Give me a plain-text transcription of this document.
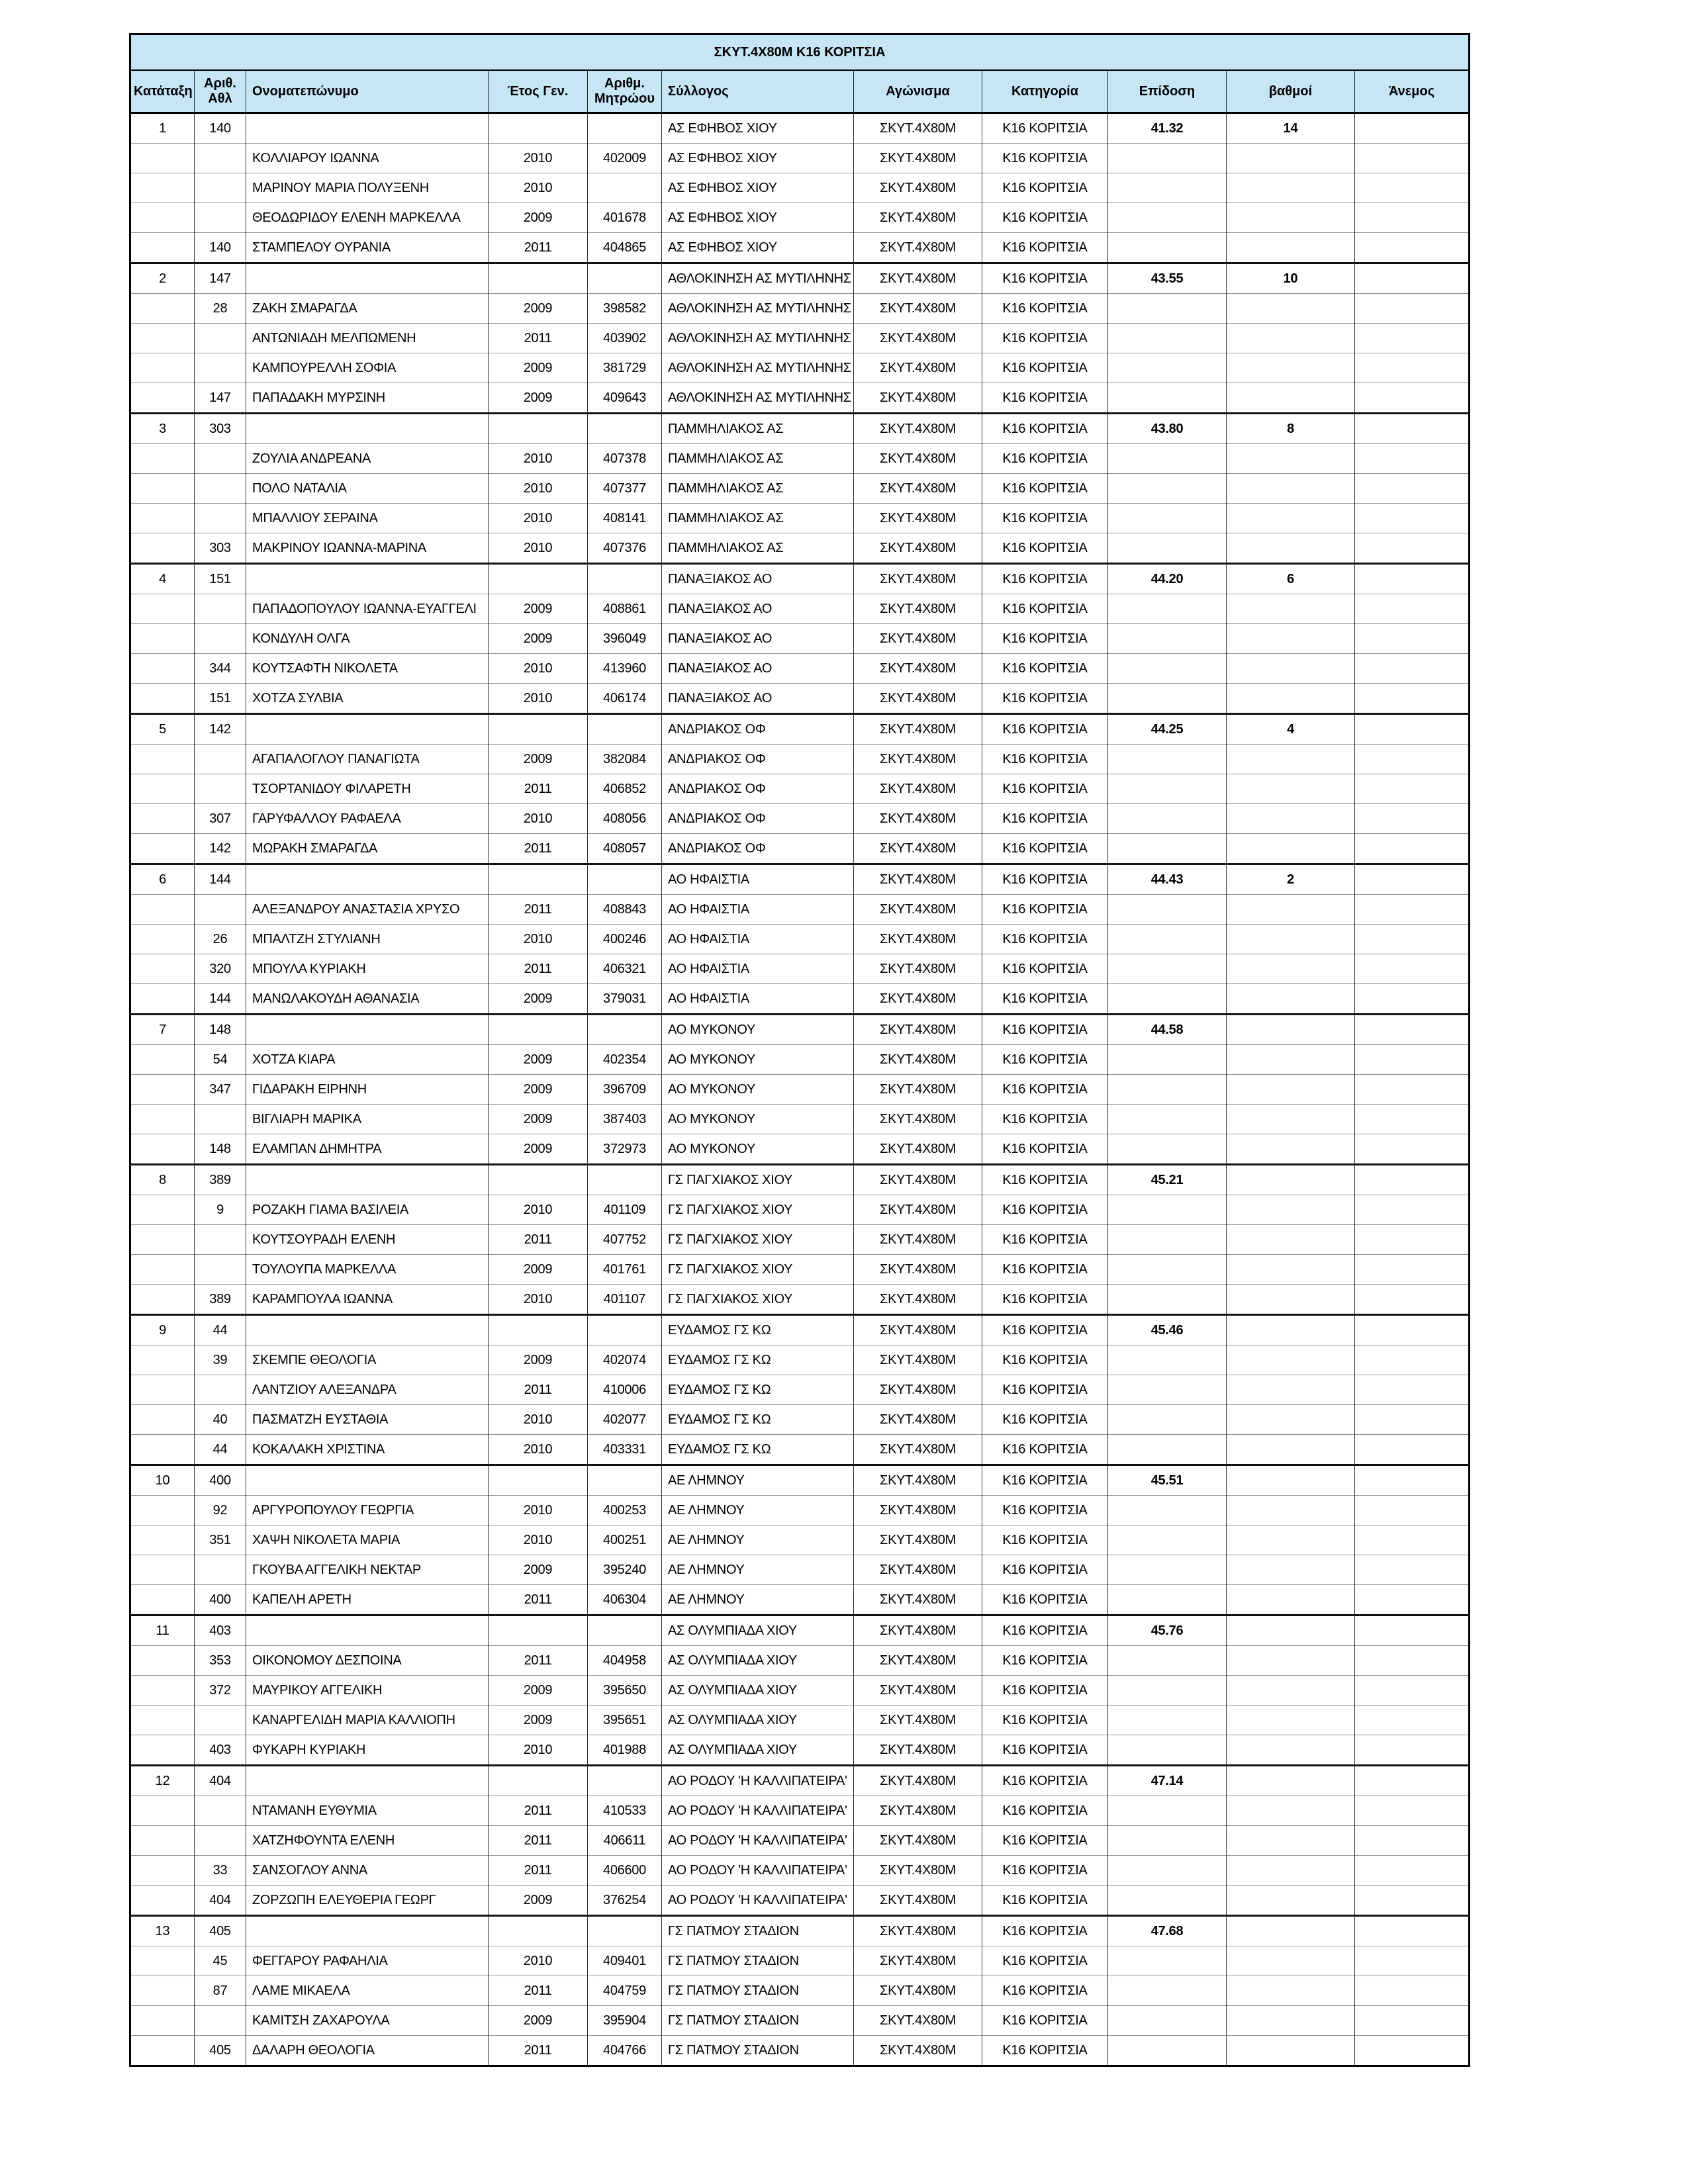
ΣΚΥΤ.4Χ80Μ Κ16 ΚΟΡΙΤΣΙΑ										
Κατάταξη	Αριθ. Αθλ	Ονοματεπώνυμο	Έτος Γεν.	Αριθμ. Μητρώου	Σύλλογος	Αγώνισμα	Κατηγορία	Επίδοση	βαθμοί	Άνεμος
1	140				ΑΣ ΕΦΗΒΟΣ ΧΙΟΥ	ΣΚΥΤ.4Χ80Μ	Κ16 ΚΟΡΙΤΣΙΑ	41.32	14	
		ΚΟΛΛΙΑΡΟΥ ΙΩΑΝΝΑ	2010	402009	ΑΣ ΕΦΗΒΟΣ ΧΙΟΥ	ΣΚΥΤ.4Χ80Μ	Κ16 ΚΟΡΙΤΣΙΑ			
		ΜΑΡΙΝΟΥ ΜΑΡΙΑ ΠΟΛΥΞΕΝΗ	2010		ΑΣ ΕΦΗΒΟΣ ΧΙΟΥ	ΣΚΥΤ.4Χ80Μ	Κ16 ΚΟΡΙΤΣΙΑ			
		ΘΕΟΔΩΡΙΔΟΥ ΕΛΕΝΗ ΜΑΡΚΕΛΛΑ	2009	401678	ΑΣ ΕΦΗΒΟΣ ΧΙΟΥ	ΣΚΥΤ.4Χ80Μ	Κ16 ΚΟΡΙΤΣΙΑ			
	140	ΣΤΑΜΠΕΛΟΥ ΟΥΡΑΝΙΑ	2011	404865	ΑΣ ΕΦΗΒΟΣ ΧΙΟΥ	ΣΚΥΤ.4Χ80Μ	Κ16 ΚΟΡΙΤΣΙΑ			
2	147				ΑΘΛΟΚΙΝΗΣΗ ΑΣ ΜΥΤΙΛΗΝΗΣ	ΣΚΥΤ.4Χ80Μ	Κ16 ΚΟΡΙΤΣΙΑ	43.55	10	
	28	ΖΑΚΗ ΣΜΑΡΑΓΔΑ	2009	398582	ΑΘΛΟΚΙΝΗΣΗ ΑΣ ΜΥΤΙΛΗΝΗΣ	ΣΚΥΤ.4Χ80Μ	Κ16 ΚΟΡΙΤΣΙΑ			
		ΑΝΤΩΝΙΑΔΗ ΜΕΛΠΩΜΕΝΗ	2011	403902	ΑΘΛΟΚΙΝΗΣΗ ΑΣ ΜΥΤΙΛΗΝΗΣ	ΣΚΥΤ.4Χ80Μ	Κ16 ΚΟΡΙΤΣΙΑ			
		ΚΑΜΠΟΥΡΕΛΛΗ ΣΟΦΙΑ	2009	381729	ΑΘΛΟΚΙΝΗΣΗ ΑΣ ΜΥΤΙΛΗΝΗΣ	ΣΚΥΤ.4Χ80Μ	Κ16 ΚΟΡΙΤΣΙΑ			
	147	ΠΑΠΑΔΑΚΗ ΜΥΡΣΙΝΗ	2009	409643	ΑΘΛΟΚΙΝΗΣΗ ΑΣ ΜΥΤΙΛΗΝΗΣ	ΣΚΥΤ.4Χ80Μ	Κ16 ΚΟΡΙΤΣΙΑ			
3	303				ΠΑΜΜΗΛΙΑΚΟΣ ΑΣ	ΣΚΥΤ.4Χ80Μ	Κ16 ΚΟΡΙΤΣΙΑ	43.80	8	
		ΖΟΥΛΙΑ ΑΝΔΡΕΑΝΑ	2010	407378	ΠΑΜΜΗΛΙΑΚΟΣ ΑΣ	ΣΚΥΤ.4Χ80Μ	Κ16 ΚΟΡΙΤΣΙΑ			
		ΠΟΛΟ ΝΑΤΑΛΙΑ	2010	407377	ΠΑΜΜΗΛΙΑΚΟΣ ΑΣ	ΣΚΥΤ.4Χ80Μ	Κ16 ΚΟΡΙΤΣΙΑ			
		ΜΠΑΛΛΙΟΥ ΣΕΡΑΙΝΑ	2010	408141	ΠΑΜΜΗΛΙΑΚΟΣ ΑΣ	ΣΚΥΤ.4Χ80Μ	Κ16 ΚΟΡΙΤΣΙΑ			
	303	ΜΑΚΡΙΝΟΥ ΙΩΑΝΝΑ-ΜΑΡΙΝΑ	2010	407376	ΠΑΜΜΗΛΙΑΚΟΣ ΑΣ	ΣΚΥΤ.4Χ80Μ	Κ16 ΚΟΡΙΤΣΙΑ			
4	151				ΠΑΝΑΞΙΑΚΟΣ ΑΟ	ΣΚΥΤ.4Χ80Μ	Κ16 ΚΟΡΙΤΣΙΑ	44.20	6	
		ΠΑΠΑΔΟΠΟΥΛΟΥ ΙΩΑΝΝΑ-ΕΥΑΓΓΕΛΙ	2009	408861	ΠΑΝΑΞΙΑΚΟΣ ΑΟ	ΣΚΥΤ.4Χ80Μ	Κ16 ΚΟΡΙΤΣΙΑ			
		ΚΟΝΔΥΛΗ ΟΛΓΑ	2009	396049	ΠΑΝΑΞΙΑΚΟΣ ΑΟ	ΣΚΥΤ.4Χ80Μ	Κ16 ΚΟΡΙΤΣΙΑ			
	344	ΚΟΥΤΣΑΦΤΗ ΝΙΚΟΛΕΤΑ	2010	413960	ΠΑΝΑΞΙΑΚΟΣ ΑΟ	ΣΚΥΤ.4Χ80Μ	Κ16 ΚΟΡΙΤΣΙΑ			
	151	ΧΟΤΖΑ ΣΥΛΒΙΑ	2010	406174	ΠΑΝΑΞΙΑΚΟΣ ΑΟ	ΣΚΥΤ.4Χ80Μ	Κ16 ΚΟΡΙΤΣΙΑ			
5	142				ΑΝΔΡΙΑΚΟΣ ΟΦ	ΣΚΥΤ.4Χ80Μ	Κ16 ΚΟΡΙΤΣΙΑ	44.25	4	
		ΑΓΑΠΑΛΟΓΛΟΥ ΠΑΝΑΓΙΩΤΑ	2009	382084	ΑΝΔΡΙΑΚΟΣ ΟΦ	ΣΚΥΤ.4Χ80Μ	Κ16 ΚΟΡΙΤΣΙΑ			
		ΤΣΟΡΤΑΝΙΔΟΥ ΦΙΛΑΡΕΤΗ	2011	406852	ΑΝΔΡΙΑΚΟΣ ΟΦ	ΣΚΥΤ.4Χ80Μ	Κ16 ΚΟΡΙΤΣΙΑ			
	307	ΓΑΡΥΦΑΛΛΟΥ ΡΑΦΑΕΛΑ	2010	408056	ΑΝΔΡΙΑΚΟΣ ΟΦ	ΣΚΥΤ.4Χ80Μ	Κ16 ΚΟΡΙΤΣΙΑ			
	142	ΜΩΡΑΚΗ ΣΜΑΡΑΓΔΑ	2011	408057	ΑΝΔΡΙΑΚΟΣ ΟΦ	ΣΚΥΤ.4Χ80Μ	Κ16 ΚΟΡΙΤΣΙΑ			
6	144				ΑΟ ΗΦΑΙΣΤΙΑ	ΣΚΥΤ.4Χ80Μ	Κ16 ΚΟΡΙΤΣΙΑ	44.43	2	
		ΑΛΕΞΑΝΔΡΟΥ ΑΝΑΣΤΑΣΙΑ ΧΡΥΣΟ	2011	408843	ΑΟ ΗΦΑΙΣΤΙΑ	ΣΚΥΤ.4Χ80Μ	Κ16 ΚΟΡΙΤΣΙΑ			
	26	ΜΠΑΛΤΖΗ ΣΤΥΛΙΑΝΗ	2010	400246	ΑΟ ΗΦΑΙΣΤΙΑ	ΣΚΥΤ.4Χ80Μ	Κ16 ΚΟΡΙΤΣΙΑ			
	320	ΜΠΟΥΛΑ ΚΥΡΙΑΚΗ	2011	406321	ΑΟ ΗΦΑΙΣΤΙΑ	ΣΚΥΤ.4Χ80Μ	Κ16 ΚΟΡΙΤΣΙΑ			
	144	ΜΑΝΩΛΑΚΟΥΔΗ ΑΘΑΝΑΣΙΑ	2009	379031	ΑΟ ΗΦΑΙΣΤΙΑ	ΣΚΥΤ.4Χ80Μ	Κ16 ΚΟΡΙΤΣΙΑ			
7	148				ΑΟ ΜΥΚΟΝΟΥ	ΣΚΥΤ.4Χ80Μ	Κ16 ΚΟΡΙΤΣΙΑ	44.58		
	54	ΧΟΤΖΑ ΚΙΑΡΑ	2009	402354	ΑΟ ΜΥΚΟΝΟΥ	ΣΚΥΤ.4Χ80Μ	Κ16 ΚΟΡΙΤΣΙΑ			
	347	ΓΙΔΑΡΑΚΗ ΕΙΡΗΝΗ	2009	396709	ΑΟ ΜΥΚΟΝΟΥ	ΣΚΥΤ.4Χ80Μ	Κ16 ΚΟΡΙΤΣΙΑ			
		ΒΙΓΛΙΑΡΗ ΜΑΡΙΚΑ	2009	387403	ΑΟ ΜΥΚΟΝΟΥ	ΣΚΥΤ.4Χ80Μ	Κ16 ΚΟΡΙΤΣΙΑ			
	148	ΕΛΑΜΠΑΝ ΔΗΜΗΤΡΑ	2009	372973	ΑΟ ΜΥΚΟΝΟΥ	ΣΚΥΤ.4Χ80Μ	Κ16 ΚΟΡΙΤΣΙΑ			
8	389				ΓΣ ΠΑΓΧΙΑΚΟΣ ΧΙΟΥ	ΣΚΥΤ.4Χ80Μ	Κ16 ΚΟΡΙΤΣΙΑ	45.21		
	9	ΡΟΖΑΚΗ ΓΙΑΜΑ ΒΑΣΙΛΕΙΑ	2010	401109	ΓΣ ΠΑΓΧΙΑΚΟΣ ΧΙΟΥ	ΣΚΥΤ.4Χ80Μ	Κ16 ΚΟΡΙΤΣΙΑ			
		ΚΟΥΤΣΟΥΡΑΔΗ ΕΛΕΝΗ	2011	407752	ΓΣ ΠΑΓΧΙΑΚΟΣ ΧΙΟΥ	ΣΚΥΤ.4Χ80Μ	Κ16 ΚΟΡΙΤΣΙΑ			
		ΤΟΥΛΟΥΠΑ ΜΑΡΚΕΛΛΑ	2009	401761	ΓΣ ΠΑΓΧΙΑΚΟΣ ΧΙΟΥ	ΣΚΥΤ.4Χ80Μ	Κ16 ΚΟΡΙΤΣΙΑ			
	389	ΚΑΡΑΜΠΟΥΛΑ ΙΩΑΝΝΑ	2010	401107	ΓΣ ΠΑΓΧΙΑΚΟΣ ΧΙΟΥ	ΣΚΥΤ.4Χ80Μ	Κ16 ΚΟΡΙΤΣΙΑ			
9	44				ΕΥΔΑΜΟΣ ΓΣ ΚΩ	ΣΚΥΤ.4Χ80Μ	Κ16 ΚΟΡΙΤΣΙΑ	45.46		
	39	ΣΚΕΜΠΕ ΘΕΟΛΟΓΙΑ	2009	402074	ΕΥΔΑΜΟΣ ΓΣ ΚΩ	ΣΚΥΤ.4Χ80Μ	Κ16 ΚΟΡΙΤΣΙΑ			
		ΛΑΝΤΖΙΟΥ ΑΛΕΞΑΝΔΡΑ	2011	410006	ΕΥΔΑΜΟΣ ΓΣ ΚΩ	ΣΚΥΤ.4Χ80Μ	Κ16 ΚΟΡΙΤΣΙΑ			
	40	ΠΑΣΜΑΤΖΗ ΕΥΣΤΑΘΙΑ	2010	402077	ΕΥΔΑΜΟΣ ΓΣ ΚΩ	ΣΚΥΤ.4Χ80Μ	Κ16 ΚΟΡΙΤΣΙΑ			
	44	ΚΟΚΑΛΑΚΗ ΧΡΙΣΤΙΝΑ	2010	403331	ΕΥΔΑΜΟΣ ΓΣ ΚΩ	ΣΚΥΤ.4Χ80Μ	Κ16 ΚΟΡΙΤΣΙΑ			
10	400				ΑΕ ΛΗΜΝΟΥ	ΣΚΥΤ.4Χ80Μ	Κ16 ΚΟΡΙΤΣΙΑ	45.51		
	92	ΑΡΓΥΡΟΠΟΥΛΟΥ ΓΕΩΡΓΙΑ	2010	400253	ΑΕ ΛΗΜΝΟΥ	ΣΚΥΤ.4Χ80Μ	Κ16 ΚΟΡΙΤΣΙΑ			
	351	ΧΑΨΗ ΝΙΚΟΛΕΤΑ ΜΑΡΙΑ	2010	400251	ΑΕ ΛΗΜΝΟΥ	ΣΚΥΤ.4Χ80Μ	Κ16 ΚΟΡΙΤΣΙΑ			
		ΓΚΟΥΒΑ ΑΓΓΕΛΙΚΗ ΝΕΚΤΑΡ	2009	395240	ΑΕ ΛΗΜΝΟΥ	ΣΚΥΤ.4Χ80Μ	Κ16 ΚΟΡΙΤΣΙΑ			
	400	ΚΑΠΕΛΗ ΑΡΕΤΗ	2011	406304	ΑΕ ΛΗΜΝΟΥ	ΣΚΥΤ.4Χ80Μ	Κ16 ΚΟΡΙΤΣΙΑ			
11	403				ΑΣ ΟΛΥΜΠΙΑΔΑ ΧΙΟΥ	ΣΚΥΤ.4Χ80Μ	Κ16 ΚΟΡΙΤΣΙΑ	45.76		
	353	ΟΙΚΟΝΟΜΟΥ ΔΕΣΠΟΙΝΑ	2011	404958	ΑΣ ΟΛΥΜΠΙΑΔΑ ΧΙΟΥ	ΣΚΥΤ.4Χ80Μ	Κ16 ΚΟΡΙΤΣΙΑ			
	372	ΜΑΥΡΙΚΟΥ ΑΓΓΕΛΙΚΗ	2009	395650	ΑΣ ΟΛΥΜΠΙΑΔΑ ΧΙΟΥ	ΣΚΥΤ.4Χ80Μ	Κ16 ΚΟΡΙΤΣΙΑ			
		ΚΑΝΑΡΓΕΛΙΔΗ ΜΑΡΙΑ ΚΑΛΛΙΟΠΗ	2009	395651	ΑΣ ΟΛΥΜΠΙΑΔΑ ΧΙΟΥ	ΣΚΥΤ.4Χ80Μ	Κ16 ΚΟΡΙΤΣΙΑ			
	403	ΦΥΚΑΡΗ ΚΥΡΙΑΚΗ	2010	401988	ΑΣ ΟΛΥΜΠΙΑΔΑ ΧΙΟΥ	ΣΚΥΤ.4Χ80Μ	Κ16 ΚΟΡΙΤΣΙΑ			
12	404				ΑΟ ΡΟΔΟΥ 'Η ΚΑΛΛΙΠΑΤΕΙΡΑ'	ΣΚΥΤ.4Χ80Μ	Κ16 ΚΟΡΙΤΣΙΑ	47.14		
		ΝΤΑΜΑΝΗ ΕΥΘΥΜΙΑ	2011	410533	ΑΟ ΡΟΔΟΥ 'Η ΚΑΛΛΙΠΑΤΕΙΡΑ'	ΣΚΥΤ.4Χ80Μ	Κ16 ΚΟΡΙΤΣΙΑ			
		ΧΑΤΖΗΦΟΥΝΤΑ ΕΛΕΝΗ	2011	406611	ΑΟ ΡΟΔΟΥ 'Η ΚΑΛΛΙΠΑΤΕΙΡΑ'	ΣΚΥΤ.4Χ80Μ	Κ16 ΚΟΡΙΤΣΙΑ			
	33	ΣΑΝΣΟΓΛΟΥ ΑΝΝΑ	2011	406600	ΑΟ ΡΟΔΟΥ 'Η ΚΑΛΛΙΠΑΤΕΙΡΑ'	ΣΚΥΤ.4Χ80Μ	Κ16 ΚΟΡΙΤΣΙΑ			
	404	ΖΟΡΖΩΠΗ ΕΛΕΥΘΕΡΙΑ ΓΕΩΡΓ	2009	376254	ΑΟ ΡΟΔΟΥ 'Η ΚΑΛΛΙΠΑΤΕΙΡΑ'	ΣΚΥΤ.4Χ80Μ	Κ16 ΚΟΡΙΤΣΙΑ			
13	405				ΓΣ ΠΑΤΜΟΥ ΣΤΑΔΙΟΝ	ΣΚΥΤ.4Χ80Μ	Κ16 ΚΟΡΙΤΣΙΑ	47.68		
	45	ΦΕΓΓΑΡΟΥ ΡΑΦΑΗΛΙΑ	2010	409401	ΓΣ ΠΑΤΜΟΥ ΣΤΑΔΙΟΝ	ΣΚΥΤ.4Χ80Μ	Κ16 ΚΟΡΙΤΣΙΑ			
	87	ΛΑΜΕ ΜΙΚΑΕΛΑ	2011	404759	ΓΣ ΠΑΤΜΟΥ ΣΤΑΔΙΟΝ	ΣΚΥΤ.4Χ80Μ	Κ16 ΚΟΡΙΤΣΙΑ			
		ΚΑΜΙΤΣΗ ΖΑΧΑΡΟΥΛΑ	2009	395904	ΓΣ ΠΑΤΜΟΥ ΣΤΑΔΙΟΝ	ΣΚΥΤ.4Χ80Μ	Κ16 ΚΟΡΙΤΣΙΑ			
	405	ΔΑΛΑΡΗ ΘΕΟΛΟΓΙΑ	2011	404766	ΓΣ ΠΑΤΜΟΥ ΣΤΑΔΙΟΝ	ΣΚΥΤ.4Χ80Μ	Κ16 ΚΟΡΙΤΣΙΑ			
